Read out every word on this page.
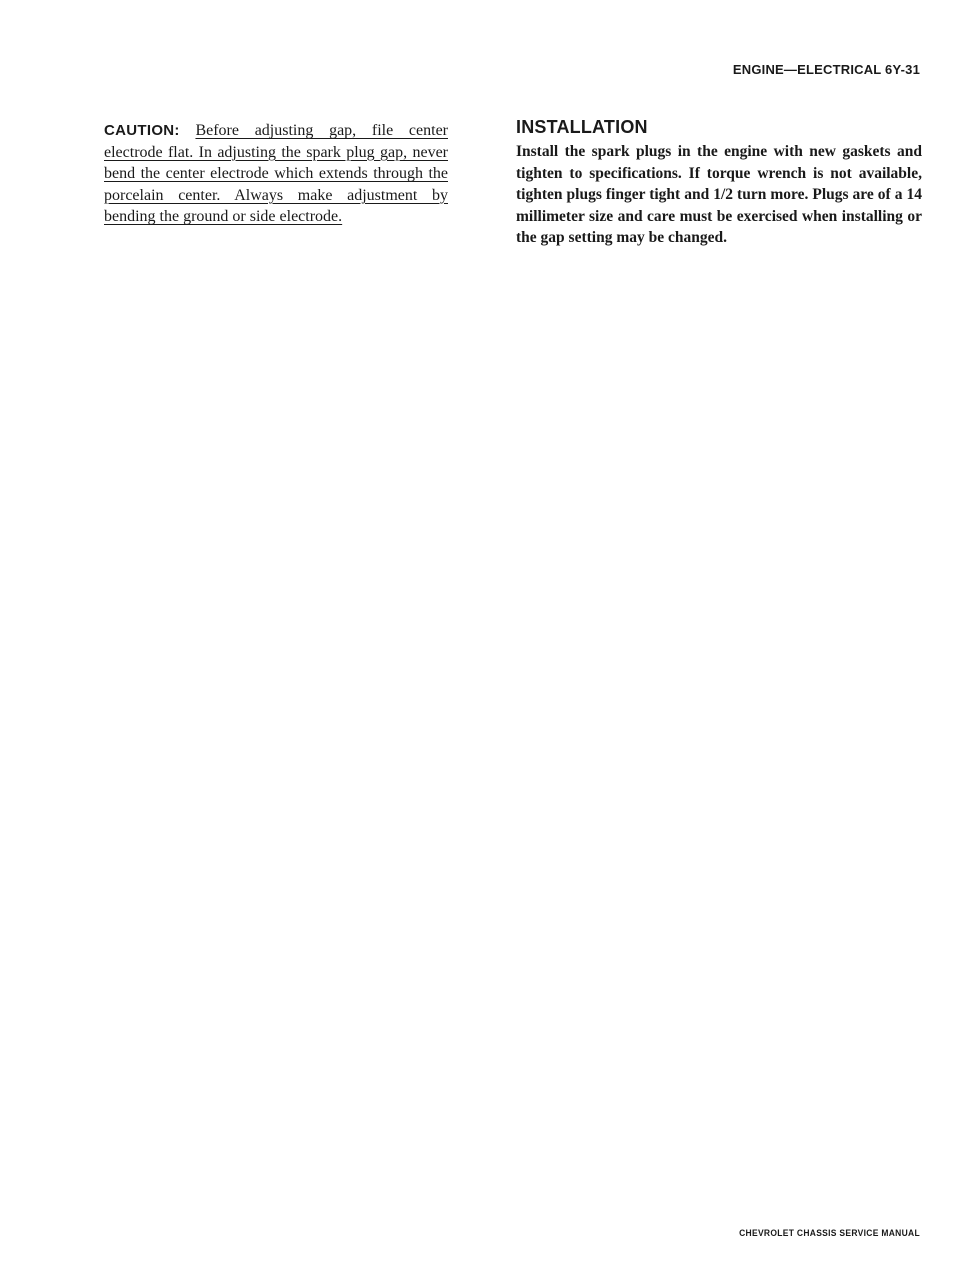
ENGINE—ELECTRICAL 6Y-31

CAUTION: Before adjusting gap, file center electrode flat. In adjusting the spark plug gap, never bend the center electrode which extends through the porcelain center. Always make adjustment by bending the ground or side electrode.

INSTALLATION

Install the spark plugs in the engine with new gaskets and tighten to specifications. If torque wrench is not available, tighten plugs finger tight and 1/2 turn more. Plugs are of a 14 millimeter size and care must be exercised when installing or the gap setting may be changed.

CHEVROLET CHASSIS SERVICE MANUAL
